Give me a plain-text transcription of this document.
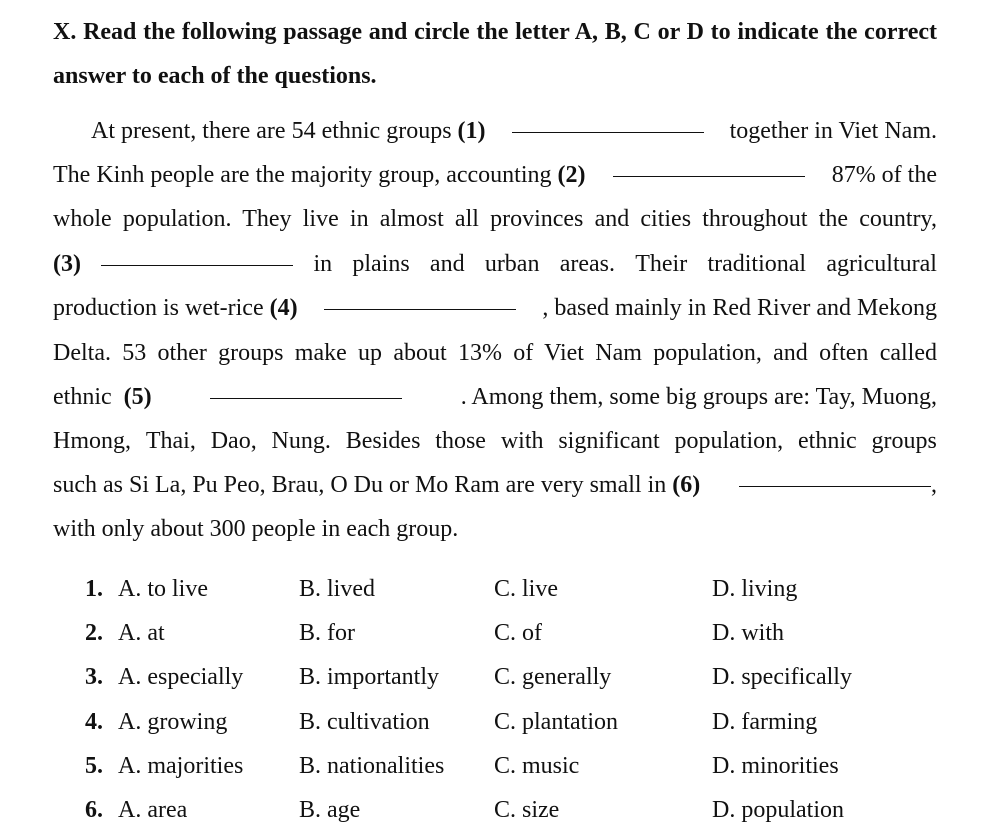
X. Read the following passage and circle the letter A, B, C or D to indicate the correct answer to each of the questions.
At present, there are 54 ethnic groups (1)	together in Viet Nam.
The Kinh people are the majority group, accounting (2)	87% of the
whole population. They live in almost all provinces and cities throughout the country,
(3)	in plains and urban areas. Their traditional agricultural
production is wet-rice (4)	, based mainly in Red River and Mekong
Delta. 53 other groups make up about 13% of Viet Nam population, and often called
ethnic (5)	. Among them, some big groups are: Tay, Muong,
Hmong, Thai, Dao, Nung. Besides those with significant population, ethnic groups
such as Si La, Pu Peo, Brau, O Du or Mo Ram are very small in (6)	,
with only about 300 people in each group.
1. A. to live	B. lived	C. live	D. living
2. A. at	B. for	C. of	D. with
3. A. especially B. importantly C. generally	D. specifically
4. A. growing	B. cultivation	C. plantation	D. farming
5. A. majorities B. nationalities C. music	D. minorities
6. A. area	B. age	C. size	D. population
